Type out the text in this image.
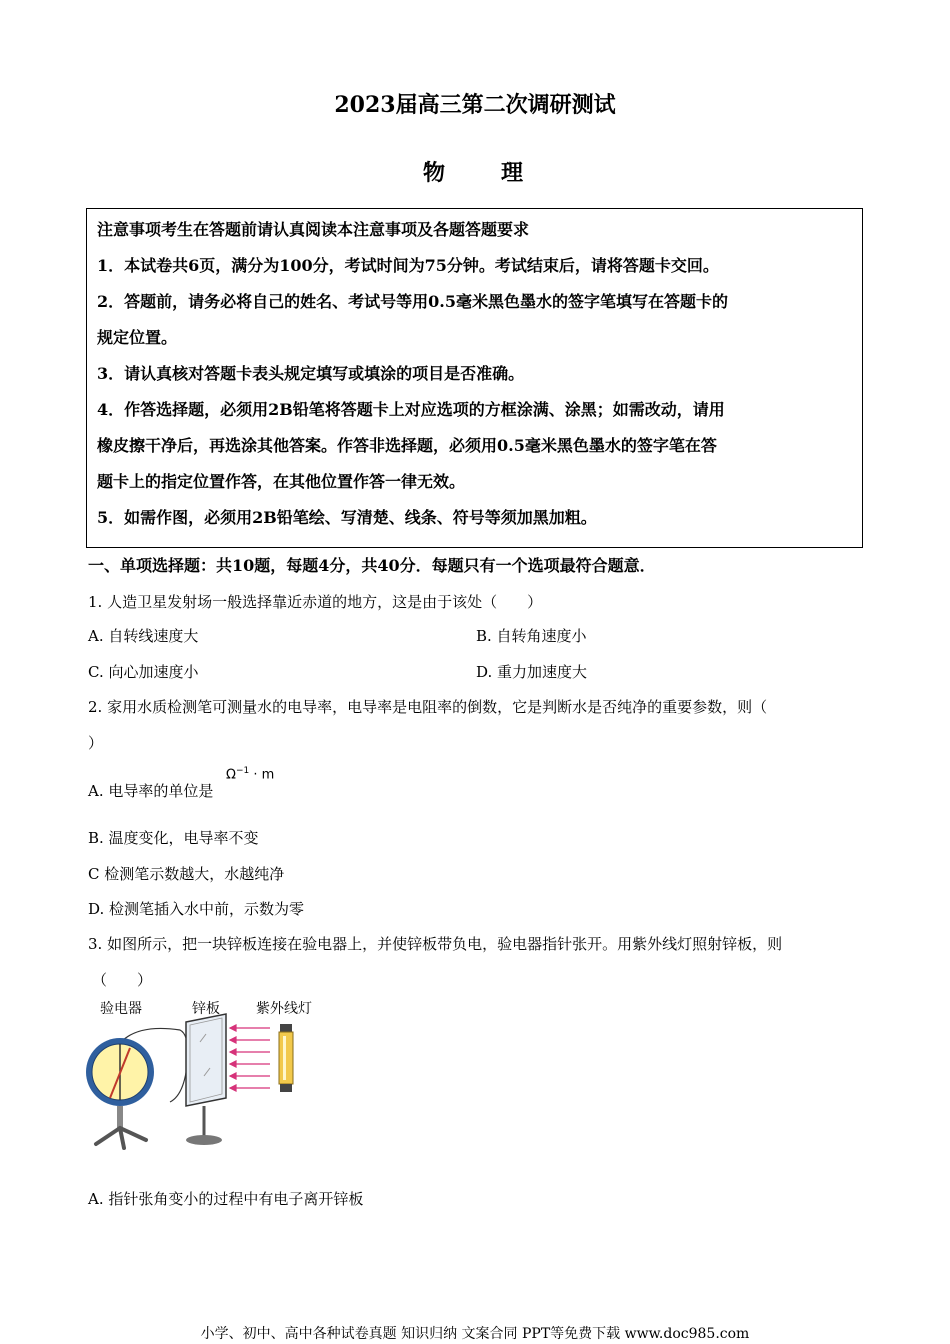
2023届高三第二次调研测试
物　　理
注意事项考生在答题前请认真阅读本注意事项及各题答题要求
1．本试卷共6页，满分为100分，考试时间为75分钟。考试结束后，请将答题卡交回。
2．答题前，请务必将自己的姓名、考试号等用0.5毫米黑色墨水的签字笔填写在答题卡的
规定位置。
3．请认真核对答题卡表头规定填写或填涂的项目是否准确。
4．作答选择题，必须用2B铅笔将答题卡上对应选项的方框涂满、涂黑；如需改动，请用
橡皮擦干净后，再选涂其他答案。作答非选择题，必须用0.5毫米黑色墨水的签字笔在答
题卡上的指定位置作答，在其他位置作答一律无效。
5．如需作图，必须用2B铅笔绘、写清楚、线条、符号等须加黑加粗。
一、单项选择题：共10题，每题4分，共40分．每题只有一个选项最符合题意．
1. 人造卫星发射场一般选择靠近赤道的地方，这是由于该处（　　）
A. 自转线速度大	B. 自转角速度小
C. 向心加速度小	D. 重力加速度大
2. 家用水质检测笔可测量水的电导率，电导率是电阻率的倒数，它是判断水是否纯净的重要参数，则（
）
A. 电导率的单位是
$\Omega^{-1} \cdot m$
B. 温度变化，电导率不变
C 检测笔示数越大，水越纯净
D. 检测笔插入水中前，示数为零
3. 如图所示，把一块锌板连接在验电器上，并使锌板带负电，验电器指针张开。用紫外线灯照射锌板，则
（　　）
验电器	锌板	紫外线灯
A. 指针张角变小的过程中有电子离开锌板
小学、初中、高中各种试卷真题 知识归纳 文案合同 PPT等免费下载 www.doc985.com
